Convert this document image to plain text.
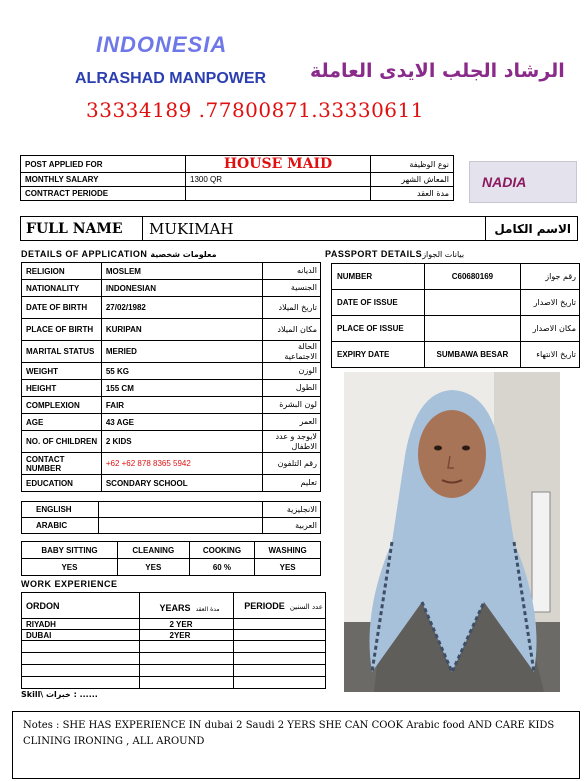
INDONESIA
ALRASHAD MANPOWER الرشاد الجلب الايدى العاملة
33334189 .77800871.33330611
POST APPLIED FOR	HOUSE MAID	نوع الوظيفة
MONTHLY SALARY	1300 QR	المعاش الشهر
CONTRACT PERIODE		مدة العقد
NADIA
FULL NAME	MUKIMAH	الاسم الكامل
DETAILS OF APPLICATION معلومات شخصية
RELIGION	MOSLEM	الديانه
NATIONALITY	INDONESIAN	الجنسية
DATE OF BIRTH	27/02/1982	تاريخ الميلاد
PLACE OF BIRTH	KURIPAN	مكان الميلاد
MARITAL STATUS	MERIED	الحالة الاجتماعية
WEIGHT	55 KG	الوزن
HEIGHT	155 CM	الطول
COMPLEXION	FAIR	لون البشرة
AGE	43 AGE	العمر
NO. OF CHILDREN	2 KIDS	لايوجد و عدد الاطفال
CONTACT NUMBER	+62 +62 878 8365 5942	رقم التلفون
EDUCATION	SCONDARY SCHOOL	تعليم
ENGLISH		الانجليزية
ARABIC		العربية
BABY SITTING	CLEANING	COOKING	WASHING
YES	YES	60 %	YES
WORK EXPERIENCE
ORDON	YEARS مدة العقد	PERIODE عدد السنين
RIYADH	2 YER	
DUBAI	2YER	

Skill\ خبرات : ......
PASSPORT DETAILSبيانات الجواز
NUMBER	C60680169	رقم جواز
DATE OF ISSUE		تاريخ الاصدار
PLACE OF ISSUE		مكان الاصدار
EXPIRY DATE	SUMBAWA BESAR	تاريخ الانتهاء
Notes : SHE HAS EXPERIENCE IN dubai 2 Saudi 2 YERS SHE CAN COOK Arabic food AND CARE KIDS CLINING IRONING , ALL AROUND
